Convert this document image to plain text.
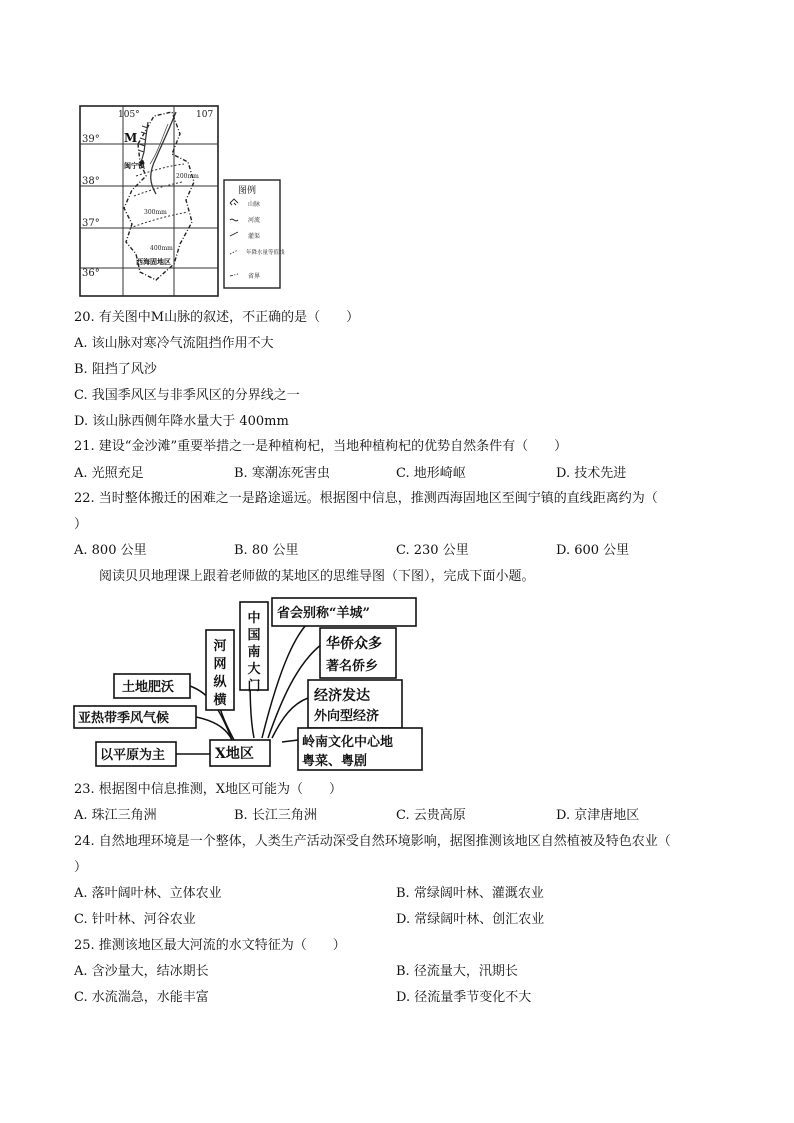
105°	107
39°
38°
37°
36°
M
闽宁镇
200mm
300mm
400mm
西海固地区
图例
山脉
河流
灌渠
年降水量等值线
省界
20. 有关图中M山脉的叙述，不正确的是（　　）
A. 该山脉对寒冷气流阻挡作用不大
B. 阻挡了风沙
C. 我国季风区与非季风区的分界线之一
D. 该山脉西侧年降水量大于 400mm
21. 建设“金沙滩”重要举措之一是种植枸杞，当地种植枸杞的优势自然条件有（　　）
A. 光照充足	B. 寒潮冻死害虫	C. 地形崎岖	D. 技术先进
22. 当时整体搬迁的困难之一是路途遥远。根据图中信息，推测西海固地区至闽宁镇的直线距离约为（
）
A. 800 公里	B. 80 公里	C. 230 公里	D. 600 公里
阅读贝贝地理课上跟着老师做的某地区的思维导图（下图），完成下面小题。
土地肥沃
亚热带季风气候
以平原为主	X地区
省会别称“羊城”
华侨众多
著名侨乡
经济发达
外向型经济
岭南文化中心地
粤菜、粤剧
河
网
纵
横
中
国
南
大
门
23. 根据图中信息推测，X地区可能为（　　）
A. 珠江三角洲	B. 长江三角洲	C. 云贵高原	D. 京津唐地区
24. 自然地理环境是一个整体，人类生产活动深受自然环境影响，据图推测该地区自然植被及特色农业（
）
A. 落叶阔叶林、立体农业	B. 常绿阔叶林、灌溉农业
C. 针叶林、河谷农业	D. 常绿阔叶林、创汇农业
25. 推测该地区最大河流的水文特征为（　　）
A. 含沙量大，结冰期长	B. 径流量大，汛期长
C. 水流湍急，水能丰富	D. 径流量季节变化不大
